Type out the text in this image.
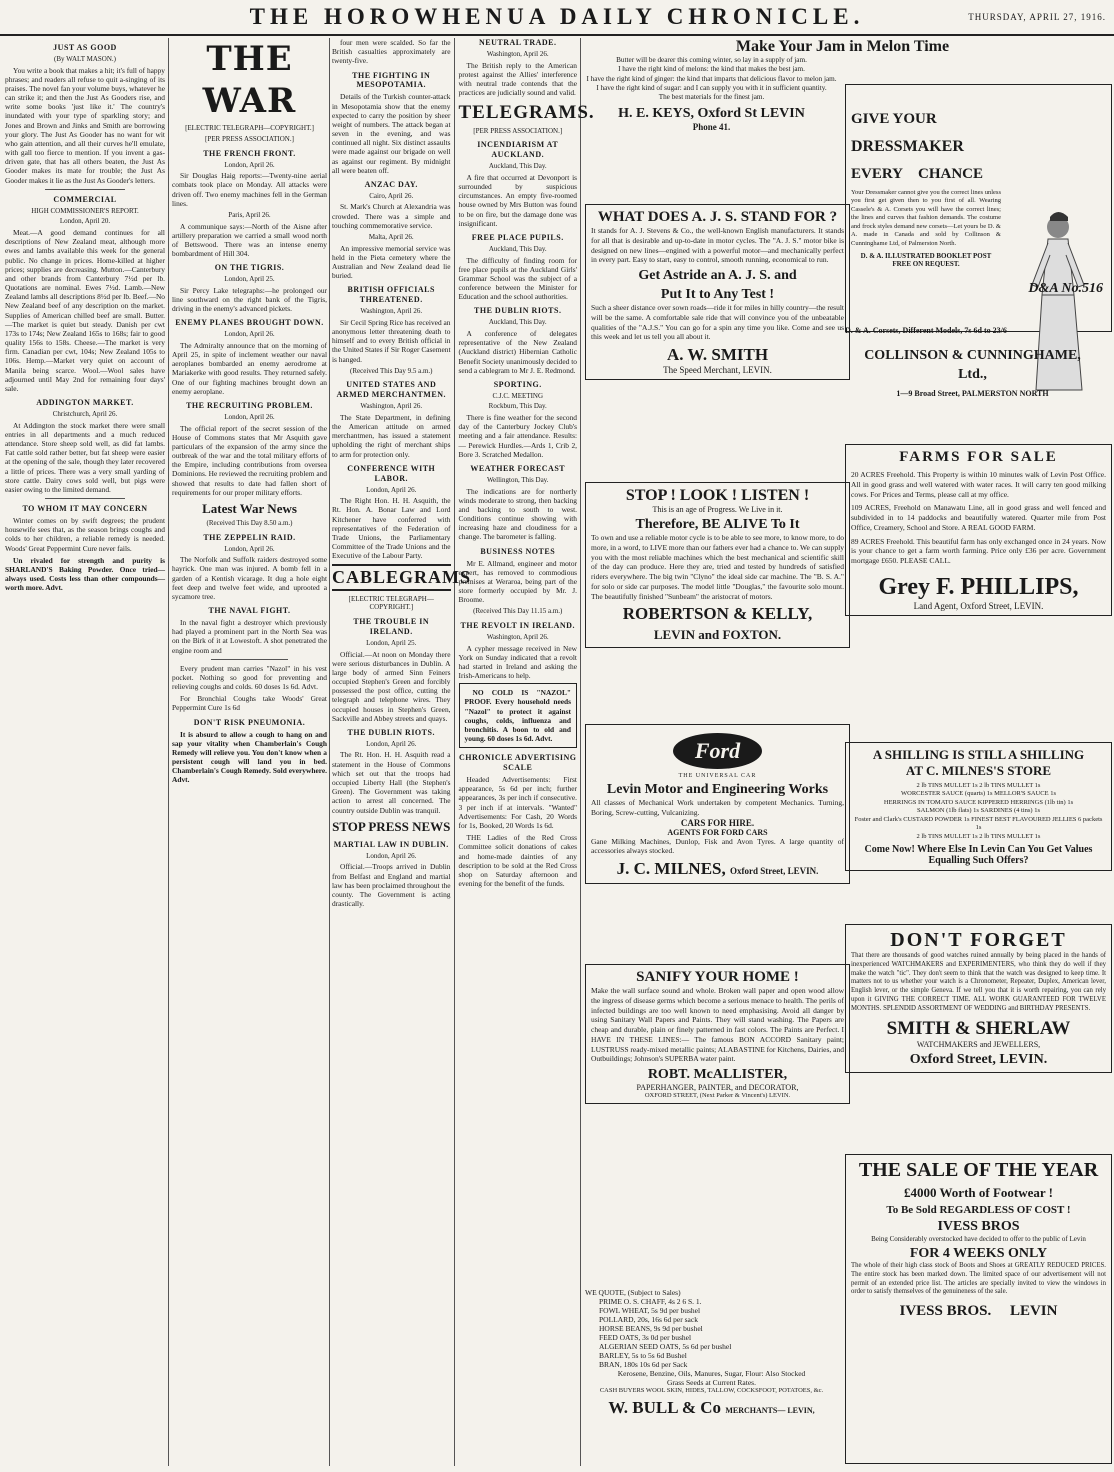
THE HOROWHENUA DAILY CHRONICLE.	THURSDAY, APRIL 27, 1916.
JUST AS GOOD
(By WALT MASON.)

You write a book that makes a hit; it's full of happy phrases; and readers all refuse to quit a-singing of its praises. The novel fan your volume buys, whatever he can strike it; and then the Just As Gooders rise, and write some books 'just like it.' The country's inundated with your type of sparkling story; and Jones and Brown and Jinks and Smith are borrowing your glory. The Just As Gooder has no want for wit who gain attention, and all their curves he'll emulate, with gall too fierce to mention. If you invent a gas-driven gate, that has all others beaten, the Just As Gooder makes its mate for trouble; the Just As Gooder makes it lie as the Just As Gooder's letters.

COMMERCIAL
HIGH COMMISSIONER'S REPORT.
London, April 20.

Meat.—A good demand continues for all descriptions of New Zealand meat, although more ewes and lambs available this week for the general public. No change in prices. Home-killed at higher prices; supplies are decreasing. Mutton.—Canterbury and other brands from Canterbury 7½d per lb. Quotations are nominal. Ewes 7½d. Lamb.—New Zealand lambs all descriptions 8½d per lb. Beef.—No New Zealand beef of any description on the market. Supplies of American chilled beef are small. Butter.—The market is quiet but steady. Danish per cwt 173s to 174s; New Zealand 165s to 168s; fair to good quality 156s to 158s. Cheese.—The market is very firm. Canadian per cwt, 104s; New Zealand 105s to 106s. Hemp.—Market very quiet on account of Manila being scarce. Wool.—Wool sales have adjourned until May 2nd for remaining four days' sale.

ADDINGTON MARKET.
Christchurch, April 26.

At Addington the stock market there were small entries in all departments and a much reduced attendance. Store sheep sold well, as did fat lambs. Fat cattle sold rather better, but fat sheep were easier at the opening of the sale, though they later recovered a little of prices. There was a very small yarding of store cattle. Dairy cows sold well, but pigs were easier owing to the limited demand.

TO WHOM IT MAY CONCERN

Winter comes on by swift degrees; the prudent housewife sees that, as the season brings coughs and colds to her children, a reliable remedy is needed. Woods' Great Peppermint Cure never fails.

Un rivaled for strength and purity is SHARLAND'S Baking Powder. Once tried—always used. Costs less than other compounds—worth more. Advt.

THE WAR
[ELECTRIC TELEGRAPH—COPYRIGHT.]
[PER PRESS ASSOCIATION.]
THE FRENCH FRONT.
London, April 26.

Sir Douglas Haig reports:—Twenty-nine aerial combats took place on Monday. All attacks were driven off. Two enemy machines fell in the German lines.

Paris, April 26.

A communique says:—North of the Aisne after artillery preparation we carried a small wood north of Bettswood. There was an intense enemy bombardment of Hill 304.

ON THE TIGRIS.
London, April 25.

Sir Percy Lake telegraphs:—he prolonged our line southward on the right bank of the Tigris, driving in the enemy's advanced pickets.

ENEMY PLANES BROUGHT DOWN.
London, April 26.

The Admiralty announce that on the morning of April 25, in spite of inclement weather our naval aeroplanes bombarded an enemy aerodrome at Mariakerke with good results. They returned safely. One of our fighting machines brought down an enemy aeroplane.

THE RECRUITING PROBLEM.
London, April 26.

The official report of the secret session of the House of Commons states that Mr Asquith gave particulars of the expansion of the army since the outbreak of the war and the total military efforts of the Empire, including contributions from oversea Dominions. He reviewed the recruiting problem and showed that results to date had fallen short of requirements for our proper military efforts.

Latest War News
(Received This Day 8.50 a.m.)
THE ZEPPELIN RAID.
London, April 26.

The Norfolk and Suffolk raiders destroyed some hayrick. One man was injured. A bomb fell in a garden of a Kentish vicarage. It dug a hole eight feet deep and twelve feet wide, and uprooted a sycamore tree.

THE NAVAL FIGHT.

In the naval fight a destroyer which previously had played a prominent part in the North Sea was on the Birk of it at Lowestoft. A shot penetrated the engine room and

Every prudent man carries "Nazol" in his vest pocket. Nothing so good for preventing and relieving coughs and colds. 60 doses 1s 6d. Advt.

For Bronchial Coughs take Woods' Great Peppermint Cure 1s 6d

DON'T RISK PNEUMONIA.

It is absurd to allow a cough to hang on and sap your vitality when Chamberlain's Cough Remedy will relieve you. You don't know when a persistent cough will land you in bed. Chamberlain's Cough Remedy. Sold everywhere. Advt.

four men were scalded. So far the British casualties approximately are twenty-five.

THE FIGHTING IN MESOPOTAMIA.

Details of the Turkish counter-attack in Mesopotamia show that the enemy expected to carry the position by sheer weight of numbers. The attack began at seven in the evening, and was continued all night. Six distinct assaults were made against our brigade on well as against our regiment. By midnight all were beaten off.

ANZAC DAY.
Cairo, April 26.

St. Mark's Church at Alexandria was crowded. There was a simple and touching commemorative service.

Malta, April 26.

An impressive memorial service was held in the Pieta cemetery where the Australian and New Zealand dead lie buried.

BRITISH OFFICIALS THREATENED.
Washington, April 26.

Sir Cecil Spring Rice has received an anonymous letter threatening death to himself and to every British official in the United States if Sir Roger Casement is hanged.

(Received This Day 9.5 a.m.)
UNITED STATES AND ARMED MERCHANTMEN.
Washington, April 26.

The State Department, in defining the American attitude on armed merchantmen, has issued a statement upholding the right of merchant ships to arm for protection only.

CONFERENCE WITH LABOR.
London, April 26.

The Right Hon. H. H. Asquith, the Rt. Hon. A. Bonar Law and Lord Kitchener have conferred with representatives of the Federation of Trade Unions, the Parliamentary Committee of the Trade Unions and the Executive of the Labour Party.

CABLEGRAMS
[ELECTRIC TELEGRAPH—COPYRIGHT.]
THE TROUBLE IN IRELAND.
London, April 25.

Official.—At noon on Monday there were serious disturbances in Dublin. A large body of armed Sinn Feiners occupied Stephen's Green and forcibly possessed the post office, cutting the telegraph and telephone wires. They occupied houses in Stephen's Green, Sackville and Abbey streets and quays.

THE DUBLIN RIOTS.
London, April 26.

The Rt. Hon. H. H. Asquith read a statement in the House of Commons which set out that the troops had occupied Liberty Hall (the Stephen's Green). The Government was taking action to arrest all concerned. The country outside Dublin was tranquil.

STOP PRESS NEWS
MARTIAL LAW IN DUBLIN.
London, April 26.

Official.—Troops arrived in Dublin from Belfast and England and martial law has been proclaimed throughout the county. The Government is acting drastically.

NEUTRAL TRADE.
Washington, April 26.

The British reply to the American protest against the Allies' interference with neutral trade contends that the practices are judicially sound and valid.

TELEGRAMS.
[PER PRESS ASSOCIATION.]
INCENDIARISM AT AUCKLAND.
Auckland, This Day.

A fire that occurred at Devonport is surrounded by suspicious circumstances. An empty five-roomed house owned by Mrs Button was found to be on fire, but the damage done was insignificant.

FREE PLACE PUPILS.
Auckland, This Day.

The difficulty of finding room for free place pupils at the Auckland Girls' Grammar School was the subject of a conference between the Minister for Education and the school authorities.

THE DUBLIN RIOTS.
Auckland, This Day.

A conference of delegates representative of the New Zealand (Auckland district) Hibernian Catholic Benefit Society unanimously decided to send a cablegram to Mr J. E. Redmond.

SPORTING.
C.J.C. MEETING
Rockburn, This Day.

There is fine weather for the second day of the Canterbury Jockey Club's meeting and a fair attendance. Results:— Perewick Hurdles.—Ards 1, Crib 2, Bore 3. Scratched Medallon.

WEATHER FORECAST
Wellington, This Day.

The indications are for northerly winds moderate to strong, then backing and backing to south to west. Conditions continue showing with increasing haze and cloudiness for a change. The barometer is falling.

BUSINESS NOTES

Mr E. Allmand, engineer and motor expert, has removed to commodious premises at Weraroa, being part of the store formerly occupied by Mr. J. Broome.

(Received This Day 11.15 a.m.)
THE REVOLT IN IRELAND.
Washington, April 26.

A cypher message received in New York on Sunday indicated that a revolt had started in Ireland and asking the Irish-Americans to help.

NO COLD IS "NAZOL" PROOF. Every household needs "Nazol" to protect it against coughs, colds, influenza and bronchitis. A boon to old and young. 60 doses 1s 6d. Advt.

CHRONICLE ADVERTISING SCALE

Headed Advertisements: First appearance, 5s 6d per inch; further appearances, 3s per inch if consecutive. 3 per inch if at intervals. "Wanted" Advertisements: For Cash, 20 Words for 1s, Booked, 20 Words 1s 6d.

THE Ladies of the Red Cross Committee solicit donations of cakes and home-made dainties of any description to be sold at the Red Cross shop on Saturday afternoon and evening for the benefit of the funds.

Make Your Jam in Melon Time
Butter will be dearer this coming winter, so lay in a supply of jam.
I have the right kind of melons: the kind that makes the best jam.
I have the right kind of ginger: the kind that imparts that delicious flavor to melon jam.
I have the right kind of sugar: and I can supply you with it in sufficient quantity.
The best materials for the finest jam.
H. E. KEYS, Oxford St LEVIN
Phone 41.
WHAT DOES A. J. S. STAND FOR ?
It stands for A. J. Stevens & Co., the well-known English manufacturers. It stands for all that is desirable and up-to-date in motor cycles. The "A. J. S." motor bike is designed on new lines—engined with a powerful motor—and mechanically perfect in every part. Easy to start, easy to control, smooth running, economical to run.
Get Astride an A. J. S. and
Put It to Any Test !
Such a sheer distance over sown roads—ride it for miles in hilly country—the result will be the same. A comfortable sale ride that will convince you of the unbeatable qualities of the "A.J.S." You can go for a spin any time you like. Come and see us this week and let us tell you all about it.
A. W. SMITH
The Speed Merchant, LEVIN.
STOP ! LOOK ! LISTEN !
This is an age of Progress. We Live in it.
Therefore, BE ALIVE To It
To own and use a reliable motor cycle is to be able to see more, to know more, to do more, in a word, to LIVE more than our fathers ever had a chance to. We can supply you with the most reliable machines which the best mechanical and scientific skill of the day can produce. Here they are, tried and tested by hundreds of satisfied riders everywhere. The big twin "Clyno" the ideal side car machine. The "B. S. A." for solo or side car purposes. The model little "Douglas," the favourite solo mount. The beautifully finished "Sunbeam" the aristocrat of motors.
ROBERTSON & KELLY,
LEVIN and FOXTON.
Ford
THE UNIVERSAL CAR
Levin Motor and Engineering Works
All classes of Mechanical Work undertaken by competent Mechanics. Turning, Boring, Screw-cutting, Vulcanizing.
CARS FOR HIRE.
AGENTS FOR FORD CARS
Gane Milking Machines, Dunlop, Fisk and Avon Tyres. A large quantity of accessories always stocked.
J. C. MILNES, Oxford Street, LEVIN.
SANIFY YOUR HOME !
Make the wall surface sound and whole. Broken wall paper and open wood allow the ingress of disease germs which become a serious menace to health. The perils of infected buildings are too well known to need emphasising. Avoid all danger by using Sanitary Wall Papers and Paints. They will stand washing. The Papers are cheap and durable, plain or finely patterned in fast colors. The Paints are Perfect. I HAVE IN THESE LINES:— The famous BON ACCORD Sanitary paint; LUSTRUSS ready-mixed metallic paints; ALABASTINE for Kitchens, Dairies, and Outbuildings; Johnson's SUPERBA water paint.
ROBT. McALLISTER,
PAPERHANGER, PAINTER, and DECORATOR,
OXFORD STREET, (Next Parker & Vincent's) LEVIN.
WE QUOTE, (Subject to Sales)
PRIME O. S. CHAFF, 4s 2 6 S. 1.
FOWL WHEAT, 5s 9d per bushel
POLLARD, 20s, 16s 6d per sack
HORSE BEANS, 9s 9d per bushel
FEED OATS, 3s 0d per bushel
ALGERIAN SEED OATS, 5s 6d per bushel
BARLEY, 5s to 5s 6d Bushel
BRAN, 180s 10s 6d per Sack
Kerosene, Benzine, Oils, Manures, Sugar, Flour: Also Stocked
Grass Seeds at Current Rates.
CASH BUYERS WOOL SKIN, HIDES, TALLOW, COCKSFOOT, POTATOES, &c.
W. BULL & Co MERCHANTS— LEVIN,
GIVE YOUR
DRESSMAKER
EVERY CHANCE
Your Dressmaker cannot give you the correct lines unless you first get given then to you first of all. Wearing Cassele's & A. Corsets you will have the correct lines; the lines and curves that fashion demands. The costume and frock styles demand new corsets—Let yours be D. & A. made in Canada and sold by Collinson & Cunninghame Ltd, of Palmerston North.
D. & A. ILLUSTRATED BOOKLET POST FREE ON REQUEST.
D&A No.516
D. & A. Corsets, Different Models, 7s 6d to 23/6
COLLINSON & CUNNINGHAME,
Ltd.,
1—9 Broad Street, PALMERSTON NORTH
FARMS FOR SALE
20 ACRES Freehold. This Property is within 10 minutes walk of Levin Post Office. All in good grass and well watered with water races. It will carry ten good milking cows. For Prices and Terms, please call at my office.
109 ACRES, Freehold on Manawatu Line, all in good grass and well fenced and subdivided in to 14 paddocks and beautifully watered. Quarter mile from Post Office, Creamery, School and Store. A REAL GOOD FARM.
89 ACRES Freehold. This beautiful farm has only exchanged once in 24 years. Now is your chance to get a farm worth farming. Price only £36 per acre. Government mortgage £650. PLEASE CALL.
Grey F. PHILLIPS,
Land Agent, Oxford Street, LEVIN.
A SHILLING IS STILL A SHILLING
AT C. MILNES'S STORE
2 lb TINS MULLET 1s 2 lb TINS MULLET 1s
WORCESTER SAUCE (quarts) 1s MELLOR'S SAUCE 1s
HERRINGS IN TOMATO SAUCE KIPPERED HERRINGS (1lb tin) 1s
SALMON (1lb flats) 1s SARDINES (4 tins) 1s
Foster and Clark's CUSTARD POWDER 1s FINEST BEST FLAVOURED JELLIES 6 packets 1s
2 lb TINS MULLET 1s 2 lb TINS MULLET 1s
Come Now! Where Else In Levin Can You Get Values Equalling Such Offers?
DON'T FORGET
That there are thousands of good watches ruined annually by being placed in the hands of inexperienced WATCHMAKERS and EXPERIMENTERS, who think they do well if they make the watch "tic". They don't seem to think that the watch was designed to keep time. It matters not to us whether your watch is a Chronometer, Repeater, Duplex, American lever, English lever, or the simple Geneva. If we tell you that it is worth repairing, you can rely upon it GIVING THE CORRECT TIME. ALL WORK GUARANTEED FOR TWELVE MONTHS. SPLENDID ASSORTMENT OF WEDDING and BIRTHDAY PRESENTS.
SMITH & SHERLAW
WATCHMAKERS and JEWELLERS,
Oxford Street, LEVIN.
THE SALE OF THE YEAR
£4000 Worth of Footwear !
To Be Sold REGARDLESS OF COST !
IVESS BROS
Being Considerably overstocked have decided to offer to the public of Levin
FOR 4 WEEKS ONLY
The whole of their high class stock of Boots and Shoes at GREATLY REDUCED PRICES. The entire stock has been marked down. The limited space of our advertisement will not permit of an extended price list. The articles are specially invited to view the windows in order to satisfy themselves of the genuineness of the sale.
IVESS BROS. LEVIN
